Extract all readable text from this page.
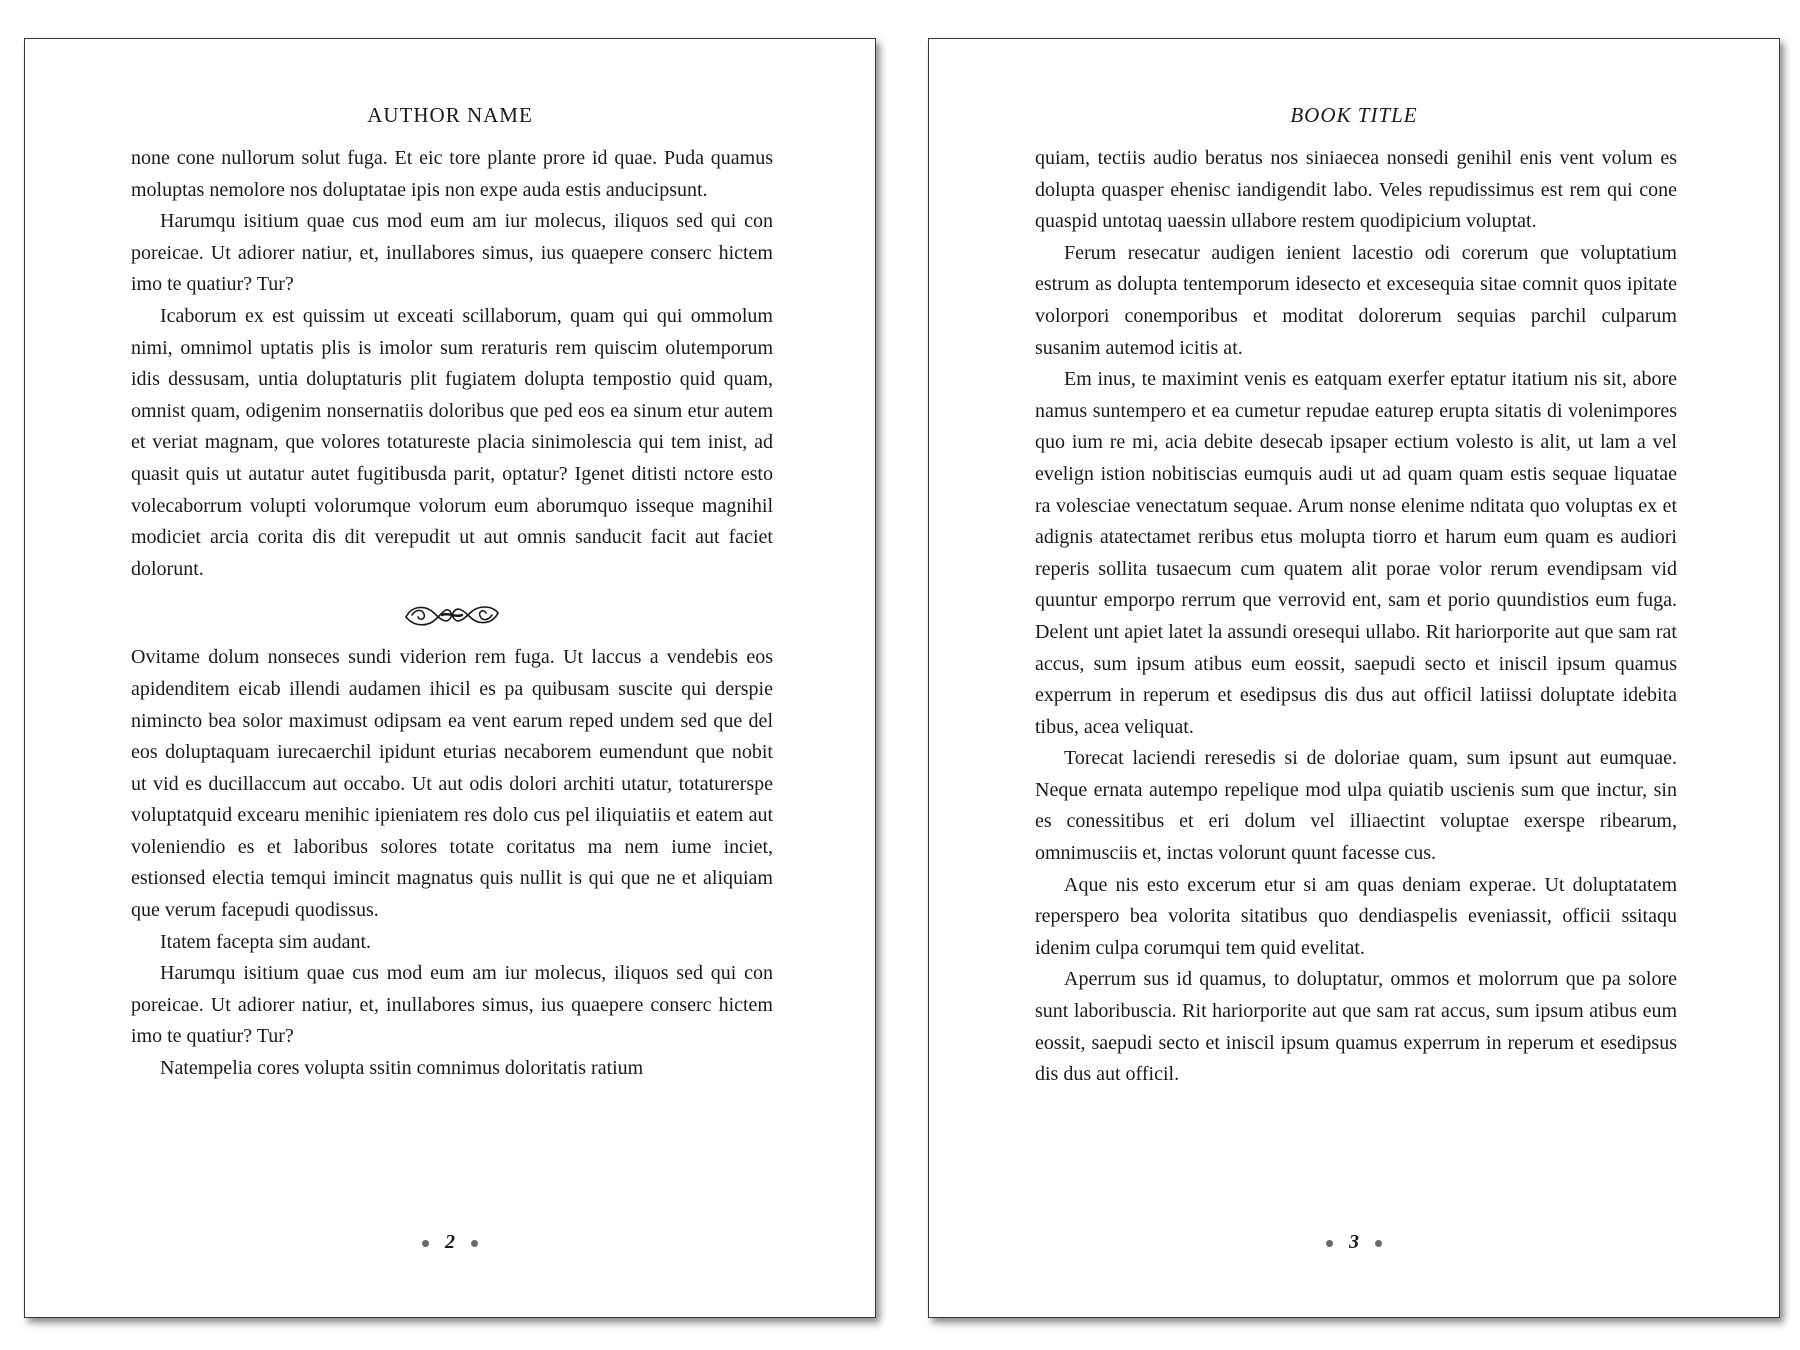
AUTHOR NAME

none cone nullorum solut fuga. Et eic tore plante prore id quae. Puda quamus moluptas nemolore nos doluptatae ipis non expe auda estis anducipsunt.

Harumqu isitium quae cus mod eum am iur molecus, iliquos sed qui con poreicae. Ut adiorer natiur, et, inullabores simus, ius quaepere conserc hictem imo te quatiur? Tur?

Icaborum ex est quissim ut exceati scillaborum, quam qui qui ommolum nimi, omnimol uptatis plis is imolor sum reraturis rem quiscim olutemporum idis dessusam, untia doluptaturis plit fugiatem dolupta tempostio quid quam, omnist quam, odigenim nonsernatiis doloribus que ped eos ea sinum etur autem et veriat magnam, que volores totatureste placia sinimolescia qui tem inist, ad quasit quis ut autatur autet fugitibusda parit, optatur? Igenet ditisti nctore esto volecaborrum volupti volorumque volorum eum aborumquo isseque magnihil modiciet arcia corita dis dit verepudit ut aut omnis sanducit facit aut faciet dolorunt.

Ovitame dolum nonseces sundi viderion rem fuga. Ut laccus a vendebis eos apidenditem eicab illendi audamen ihicil es pa quibusam suscite qui derspie nimincto bea solor maximust odipsam ea vent earum reped undem sed que del eos doluptaquam iurecaerchil ipidunt eturias necaborem eumendunt que nobit ut vid es ducillaccum aut occabo. Ut aut odis dolori architi utatur, totaturerspe voluptatquid excearu menihic ipieniatem res dolo cus pel iliquiatiis et eatem aut voleniendio es et laboribus solores totate coritatus ma nem iume inciet, estionsed electia temqui imincit magnatus quis nullit is qui que ne et aliquiam que verum facepudi quodissus.

Itatem facepta sim audant.

Harumqu isitium quae cus mod eum am iur molecus, iliquos sed qui con poreicae. Ut adiorer natiur, et, inullabores simus, ius quaepere conserc hictem imo te quatiur? Tur?

Natempelia cores volupta ssitin comnimus doloritatis ratium

2
BOOK TITLE

quiam, tectiis audio beratus nos siniaecea nonsedi genihil enis vent volum es dolupta quasper ehenisc iandigendit labo. Veles repudissimus est rem qui cone quaspid untotaq uaessin ullabore restem quodipicium voluptat.

Ferum resecatur audigen ienient lacestio odi corerum que voluptatium estrum as dolupta tentemporum idesecto et excesequia sitae comnit quos ipitate volorpori conemporibus et moditat dolorerum sequias parchil culparum susanim autemod icitis at.

Em inus, te maximint venis es eatquam exerfer eptatur itatium nis sit, abore namus suntempero et ea cumetur repudae eaturep erupta sitatis di volenimpores quo ium re mi, acia debite desecab ipsaper ectium volesto is alit, ut lam a vel evelign istion nobitiscias eumquis audi ut ad quam quam estis sequae liquatae ra volesciae venectatum sequae. Arum nonse elenime nditata quo voluptas ex et adignis atatectamet reribus etus molupta tiorro et harum eum quam es audiori reperis sollita tusaecum cum quatem alit porae volor rerum evendipsam vid quuntur emporpo rerrum que verrovid ent, sam et porio quundistios eum fuga. Delent unt apiet latet la assundi oresequi ullabo. Rit hariorporite aut que sam rat accus, sum ipsum atibus eum eossit, saepudi secto et iniscil ipsum quamus experrum in reperum et esedipsus dis dus aut officil latiissi doluptate idebita tibus, acea veliquat.

Torecat laciendi reresedis si de doloriae quam, sum ipsunt aut eumquae. Neque ernata autempo repelique mod ulpa quiatib uscienis sum que inctur, sin es conessitibus et eri dolum vel illiaectint voluptae exerspe ribearum, omnimusciis et, inctas volorunt quunt facesse cus.

Aque nis esto excerum etur si am quas deniam experae. Ut doluptatatem reperspero bea volorita sitatibus quo dendiaspelis eveniassit, officii ssitaqu idenim culpa corumqui tem quid evelitat.

Aperrum sus id quamus, to doluptatur, ommos et molorrum que pa solore sunt laboribuscia. Rit hariorporite aut que sam rat accus, sum ipsum atibus eum eossit, saepudi secto et iniscil ipsum quamus experrum in reperum et esedipsus dis dus aut officil.

3
